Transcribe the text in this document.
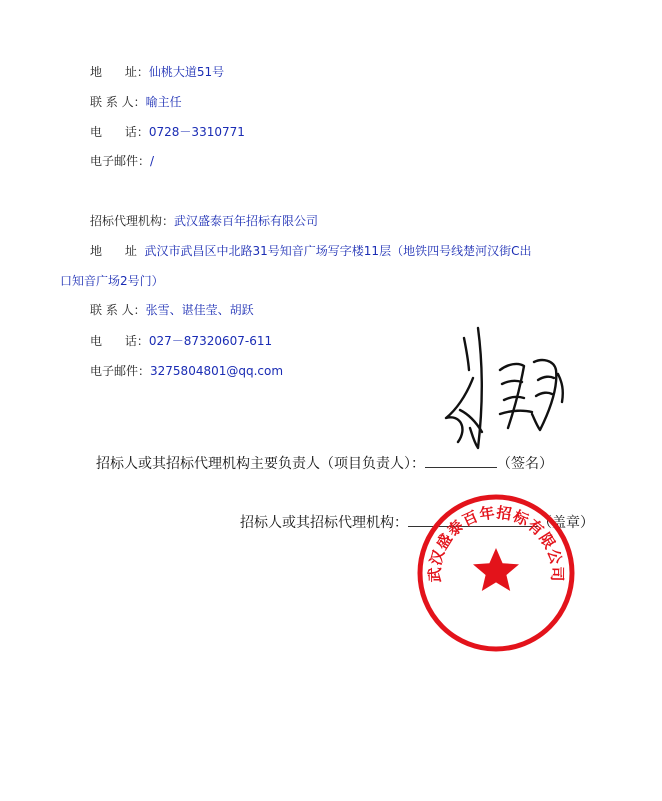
地      址：仙桃大道51号
联 系 人：喻主任
电      话：0728－3310771
电子邮件：/
招标代理机构：武汉盛泰百年招标有限公司
地      址  武汉市武昌区中北路31号知音广场写字楼11层（地铁四号线楚河汉街C出
口知音广场2号门）
联 系 人：张雪、谌佳莹、胡跃
电      话：027－87320607-611
电子邮件：3275804801@qq.com
招标人或其招标代理机构主要负责人（项目负责人）：	（签名）
招标人或其招标代理机构：	（盖章）
武汉盛泰百年招标有限公司
